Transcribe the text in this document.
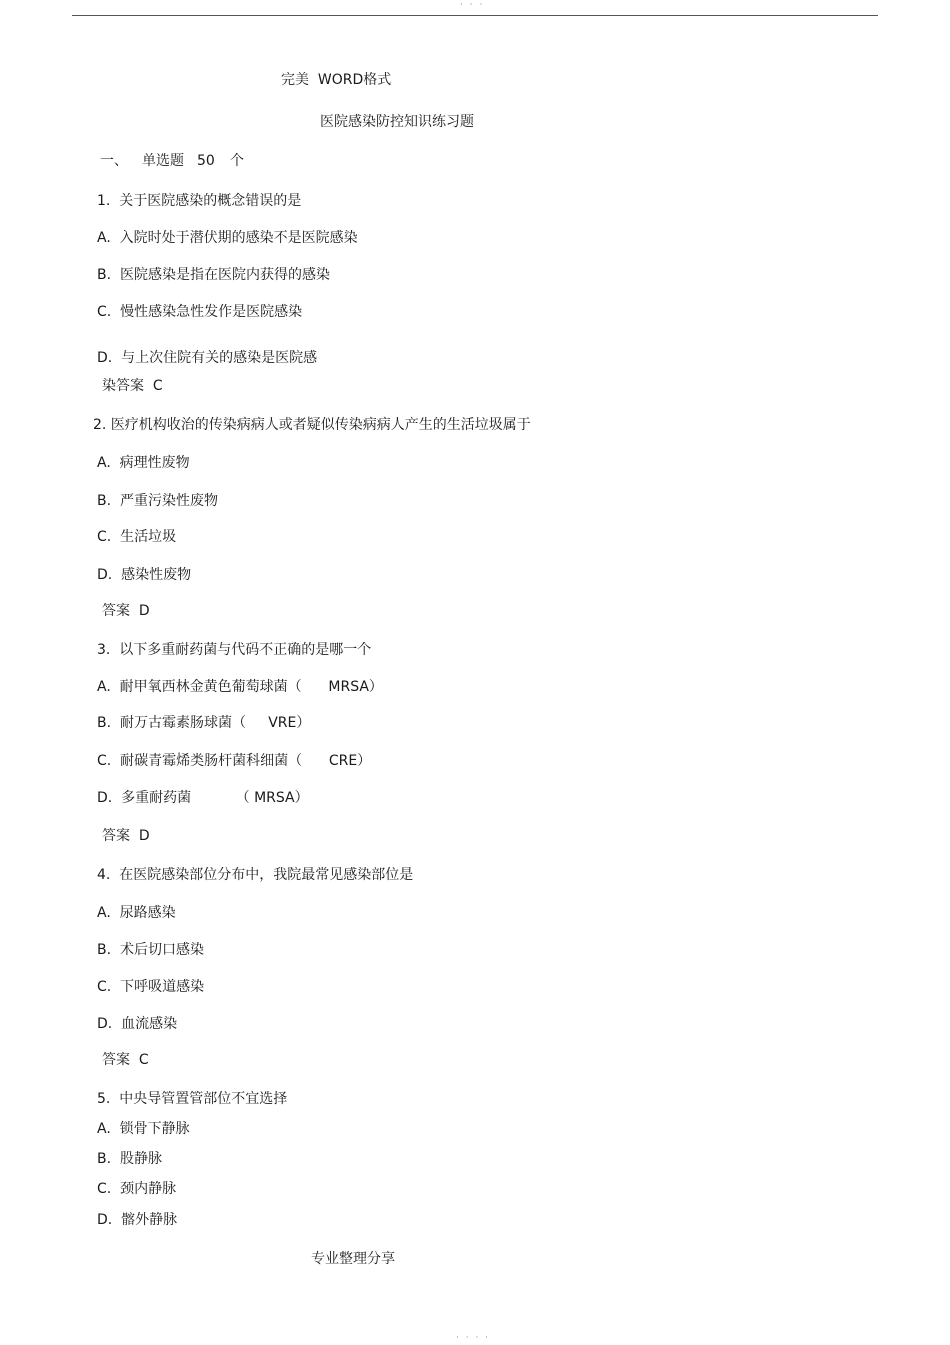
· · ·
完美  WORD格式
医院感染防控知识练习题
一、 单选题 50 个
1.  关于医院感染的概念错误的是
A.  入院时处于潜伏期的感染不是医院感染
B.  医院感染是指在医院内获得的感染
C.  慢性感染急性发作是医院感染
D.  与上次住院有关的感染是医院感
染答案  C
2. 医疗机构收治的传染病病人或者疑似传染病病人产生的生活垃圾属于
A.  病理性废物
B.  严重污染性废物
C.  生活垃圾
D.  感染性废物
答案  D
3.  以下多重耐药菌与代码不正确的是哪一个
A.  耐甲氧西林金黄色葡萄球菌（      MRSA）
B.  耐万古霉素肠球菌（     VRE）
C.  耐碳青霉烯类肠杆菌科细菌（      CRE）
D.  多重耐药菌          （ MRSA）
答案  D
4.  在医院感染部位分布中，我院最常见感染部位是
A.  尿路感染
B.  术后切口感染
C.  下呼吸道感染
D.  血流感染
答案  C
5.  中央导管置管部位不宜选择
A.  锁骨下静脉
B.  股静脉
C.  颈内静脉
D.  髂外静脉
专业整理分享
· · · ·
